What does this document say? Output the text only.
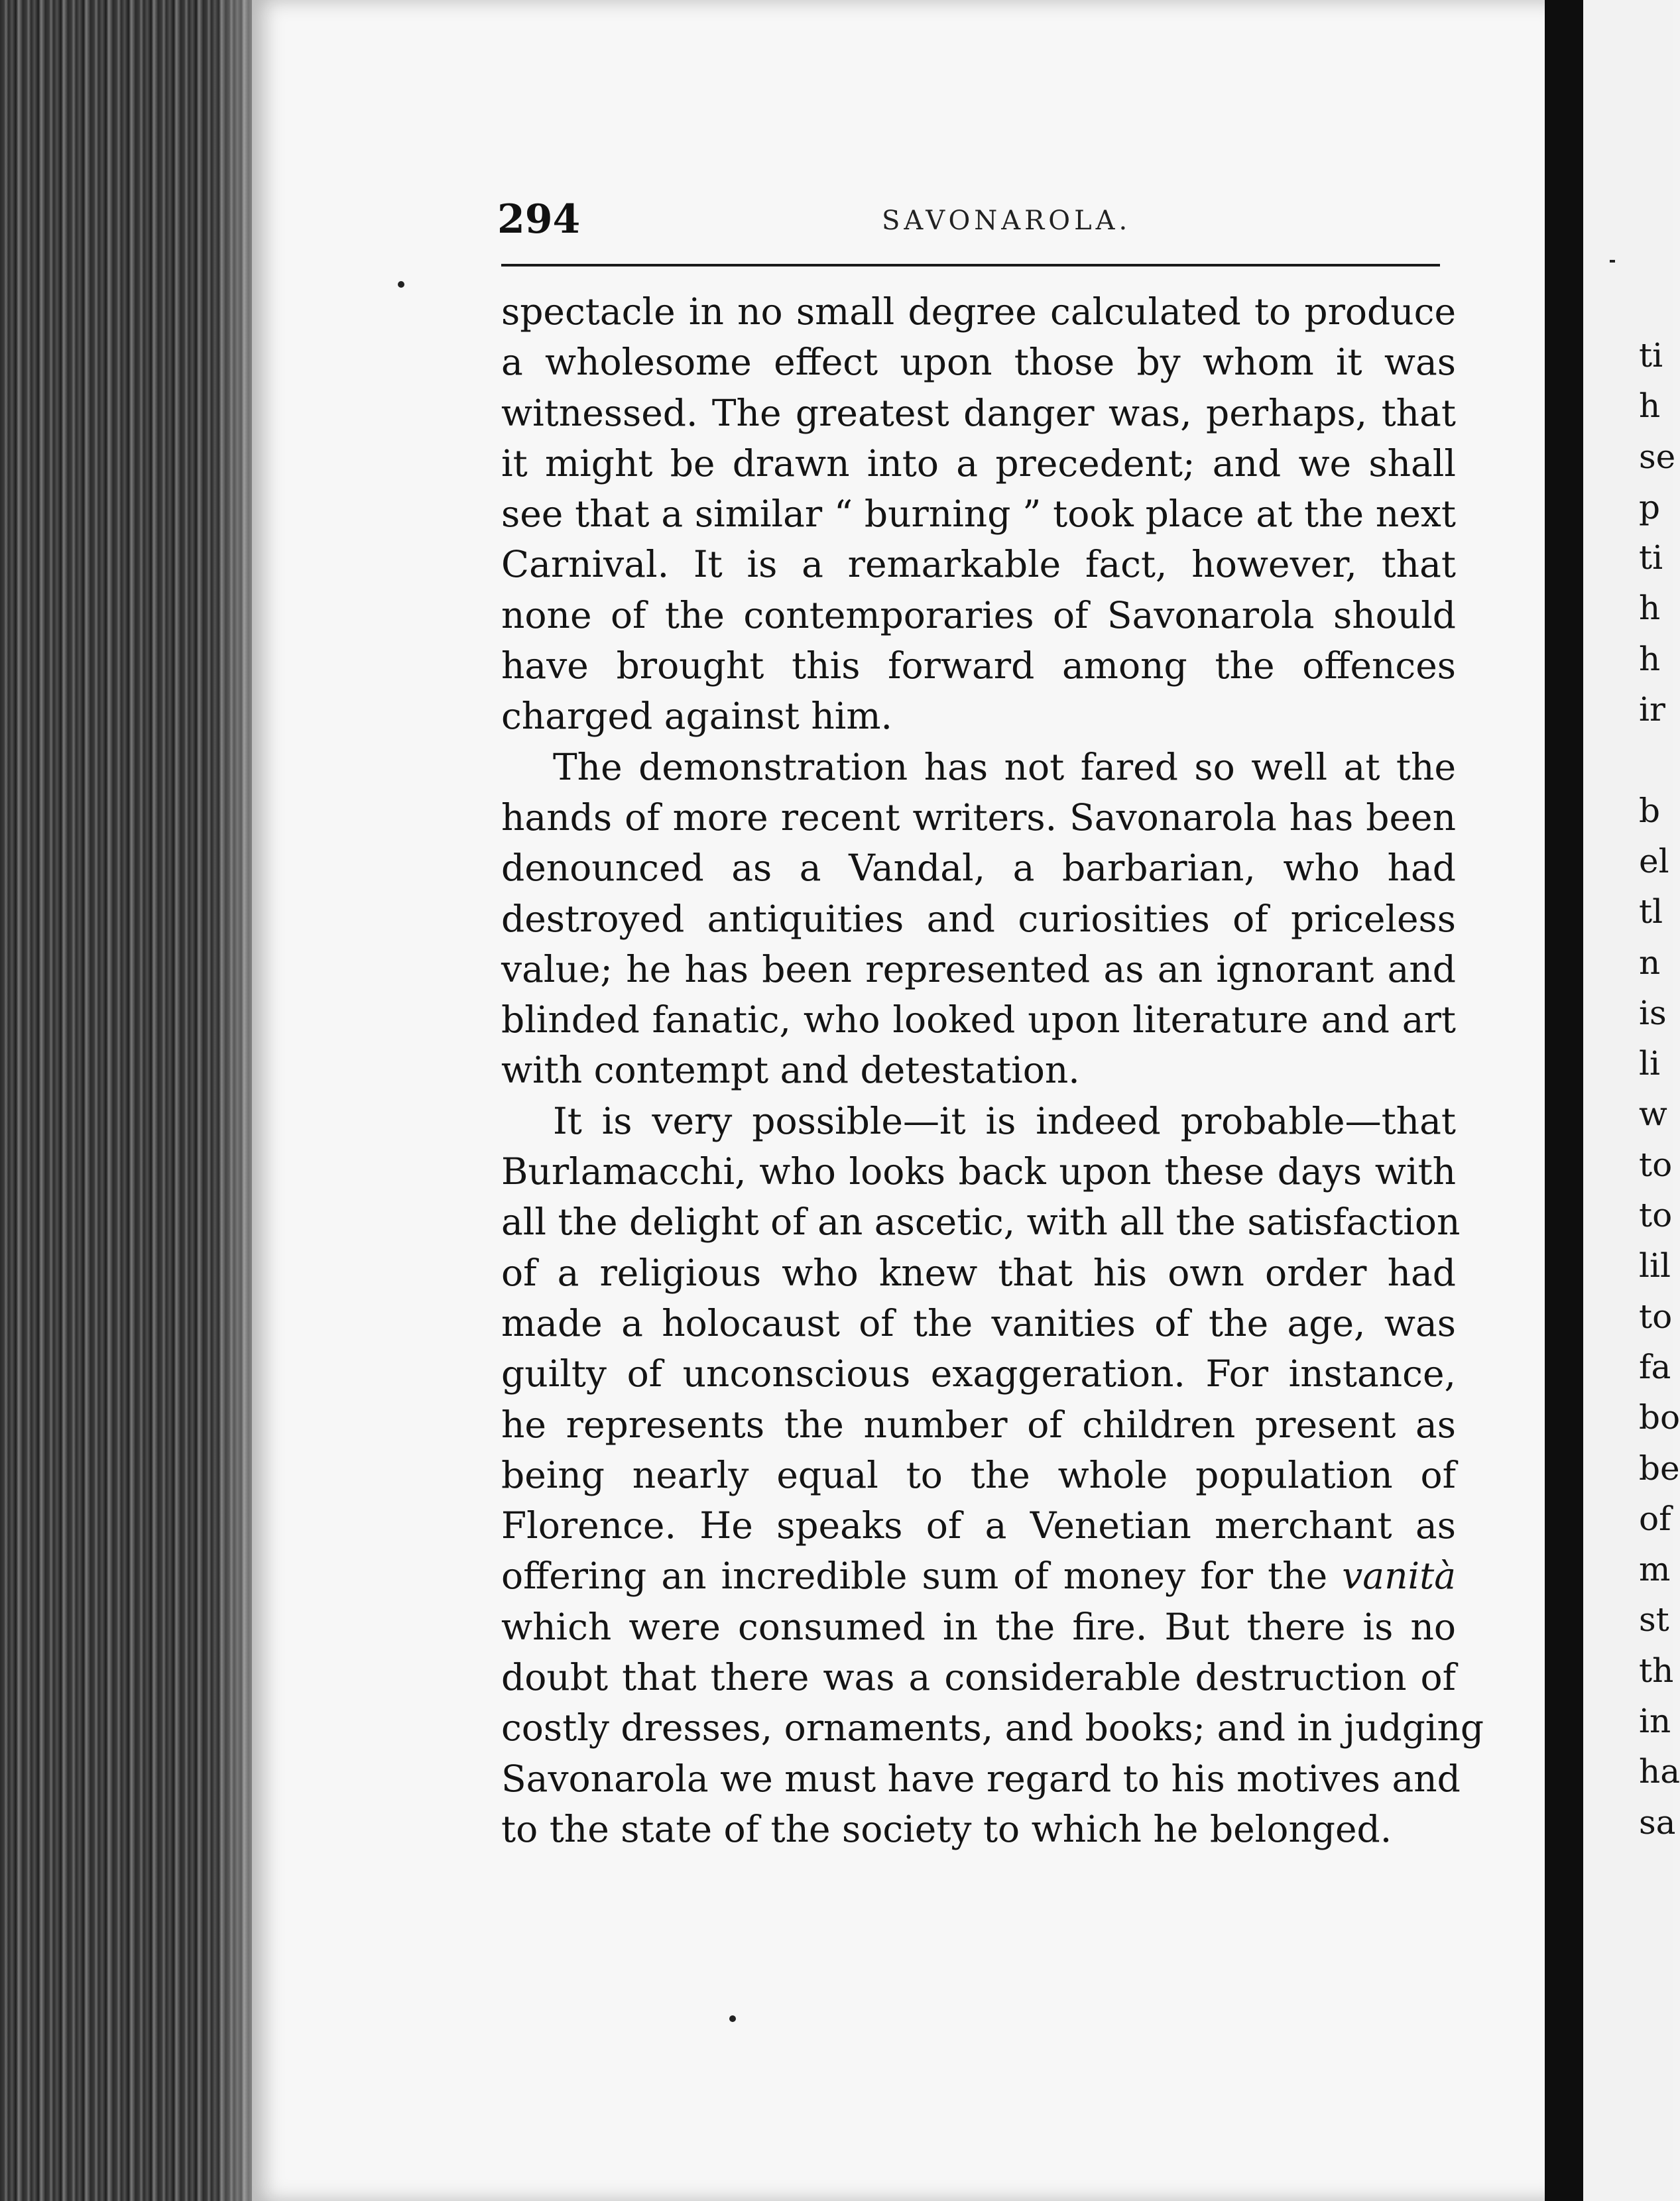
ti
h
se
p
ti
h
h
ir
b
el
tl
n
is
li
w
to
to
lil
to
fa
bo
be
of
m
st
th
in
ha
sa
294	SAVONAROLA.
spectacle in no small degree calculated to produce
a wholesome effect upon those by whom it was
witnessed. The greatest danger was, perhaps, that
it might be drawn into a precedent; and we shall
see that a similar “ burning ” took place at the next
Carnival. It is a remarkable fact, however, that
none of the contemporaries of Savonarola should
have brought this forward among the offences
charged against him.
The demonstration has not fared so well at the
hands of more recent writers. Savonarola has been
denounced as a Vandal, a barbarian, who had
destroyed antiquities and curiosities of priceless
value; he has been represented as an ignorant and
blinded fanatic, who looked upon literature and art
with contempt and detestation.
It is very possible—it is indeed probable—that
Burlamacchi, who looks back upon these days with
all the delight of an ascetic, with all the satisfaction
of a religious who knew that his own order had
made a holocaust of the vanities of the age, was
guilty of unconscious exaggeration. For instance,
he represents the number of children present as
being nearly equal to the whole population of
Florence. He speaks of a Venetian merchant as
offering an incredible sum of money for the vanità
which were consumed in the fire. But there is no
doubt that there was a considerable destruction of
costly dresses, ornaments, and books; and in judging
Savonarola we must have regard to his motives and
to the state of the society to which he belonged.
